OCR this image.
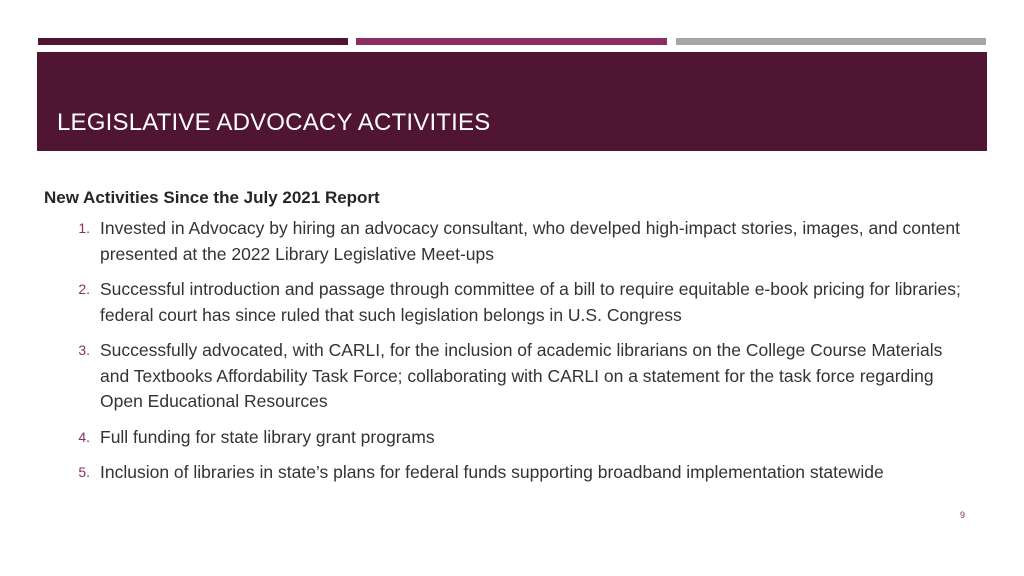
LEGISLATIVE ADVOCACY ACTIVITIES
New Activities Since the July 2021 Report
1. Invested in Advocacy by hiring an advocacy consultant, who develped high-impact stories, images, and content presented at the 2022 Library Legislative Meet-ups
2. Successful introduction and passage through committee of a bill to require equitable e-book pricing for libraries; federal court has since ruled that such legislation belongs in U.S. Congress
3. Successfully advocated, with CARLI, for the inclusion of academic librarians on the College Course Materials and Textbooks Affordability Task Force; collaborating with CARLI on a statement for the task force regarding Open Educational Resources
4. Full funding for state library grant programs
5. Inclusion of libraries in state’s plans for federal funds supporting broadband implementation statewide
9
